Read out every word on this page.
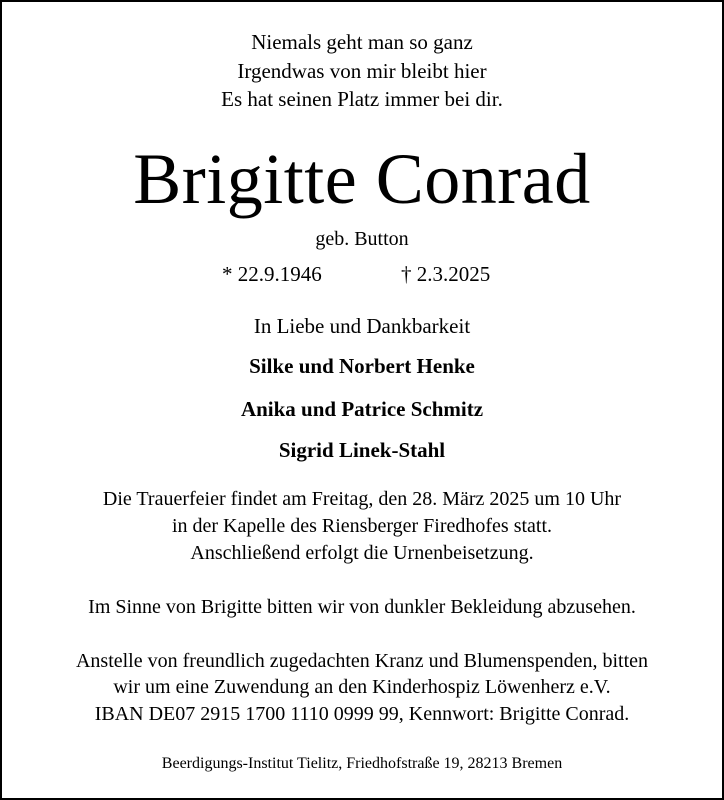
Niemals geht man so ganz
Irgendwas von mir bleibt hier
Es hat seinen Platz immer bei dir.
Brigitte Conrad
geb. Button
* 22.9.1946	† 2.3.2025
In Liebe und Dankbarkeit
Silke und Norbert Henke
Anika und Patrice Schmitz
Sigrid Linek-Stahl
Die Trauerfeier findet am Freitag, den 28. März 2025 um 10 Uhr
in der Kapelle des Riensberger Firedhofes statt.
Anschließend erfolgt die Urnenbeisetzung.
Im Sinne von Brigitte bitten wir von dunkler Bekleidung abzusehen.
Anstelle von freundlich zugedachten Kranz und Blumenspenden, bitten
wir um eine Zuwendung an den Kinderhospiz Löwenherz e.V.
IBAN DE07 2915 1700 1110 0999 99, Kennwort: Brigitte Conrad.
Beerdigungs-Institut Tielitz, Friedhofstraße 19, 28213 Bremen
